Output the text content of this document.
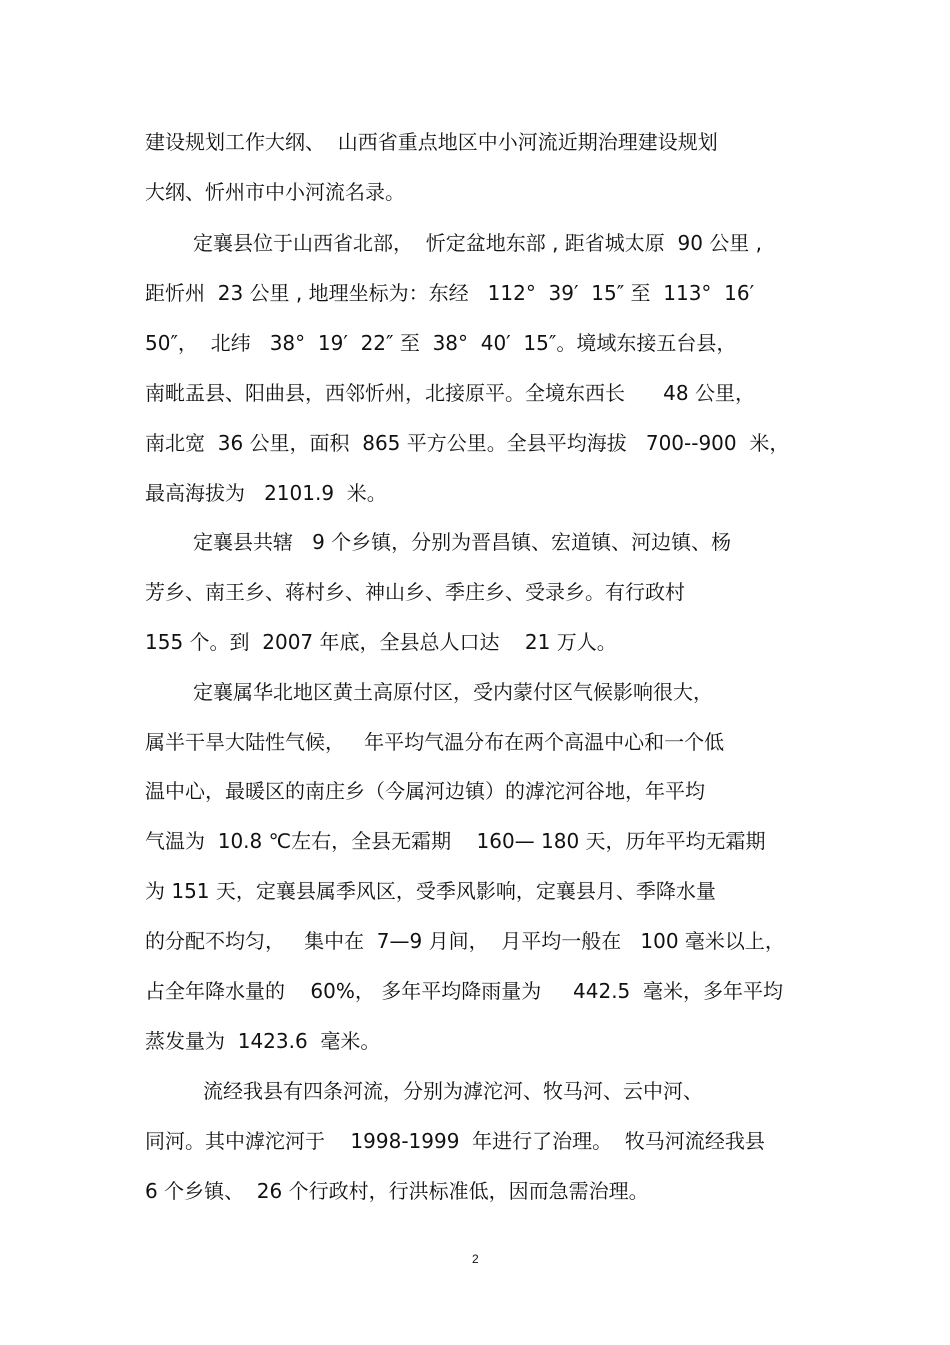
建设规划工作大纲、  山西省重点地区中小河流近期治理建设规划
大纲、忻州市中小河流名录。
定襄县位于山西省北部，  忻定盆地东部 , 距省城太原  90 公里 ,
距忻州  23 公里 , 地理坐标为：东经   112°  39′  15″ 至  113°  16′
50″，  北纬   38°  19′  22″ 至  38°  40′  15″。境域东接五台县，
南毗盂县、阳曲县，西邻忻州，北接原平。全境东西长      48 公里，
南北宽  36 公里，面积  865 平方公里。全县平均海拔   700--900  米，
最高海拔为   2101.9  米。
定襄县共辖   9 个乡镇，分别为晋昌镇、宏道镇、河边镇、杨
芳乡、南王乡、蒋村乡、神山乡、季庄乡、受录乡。有行政村
155 个。到  2007 年底，全县总人口达    21 万人。
定襄属华北地区黄土高原付区，受内蒙付区气候影响很大，
属半干旱大陆性气候，   年平均气温分布在两个高温中心和一个低
温中心，最暖区的南庄乡（今属河边镇）的滹沱河谷地，年平均
气温为  10.8 ℃左右，全县无霜期    160— 180 天，历年平均无霜期
为 151 天，定襄县属季风区，受季风影响，定襄县月、季降水量
的分配不均匀，   集中在  7—9 月间，  月平均一般在   100 毫米以上，
占全年降水量的    60%， 多年平均降雨量为     442.5  毫米，多年平均
蒸发量为  1423.6  毫米。
流经我县有四条河流，分别为滹沱河、牧马河、云中河、
同河。其中滹沱河于    1998-1999  年进行了治理。  牧马河流经我县
6 个乡镇、  26 个行政村，行洪标准低，因而急需治理。
2
